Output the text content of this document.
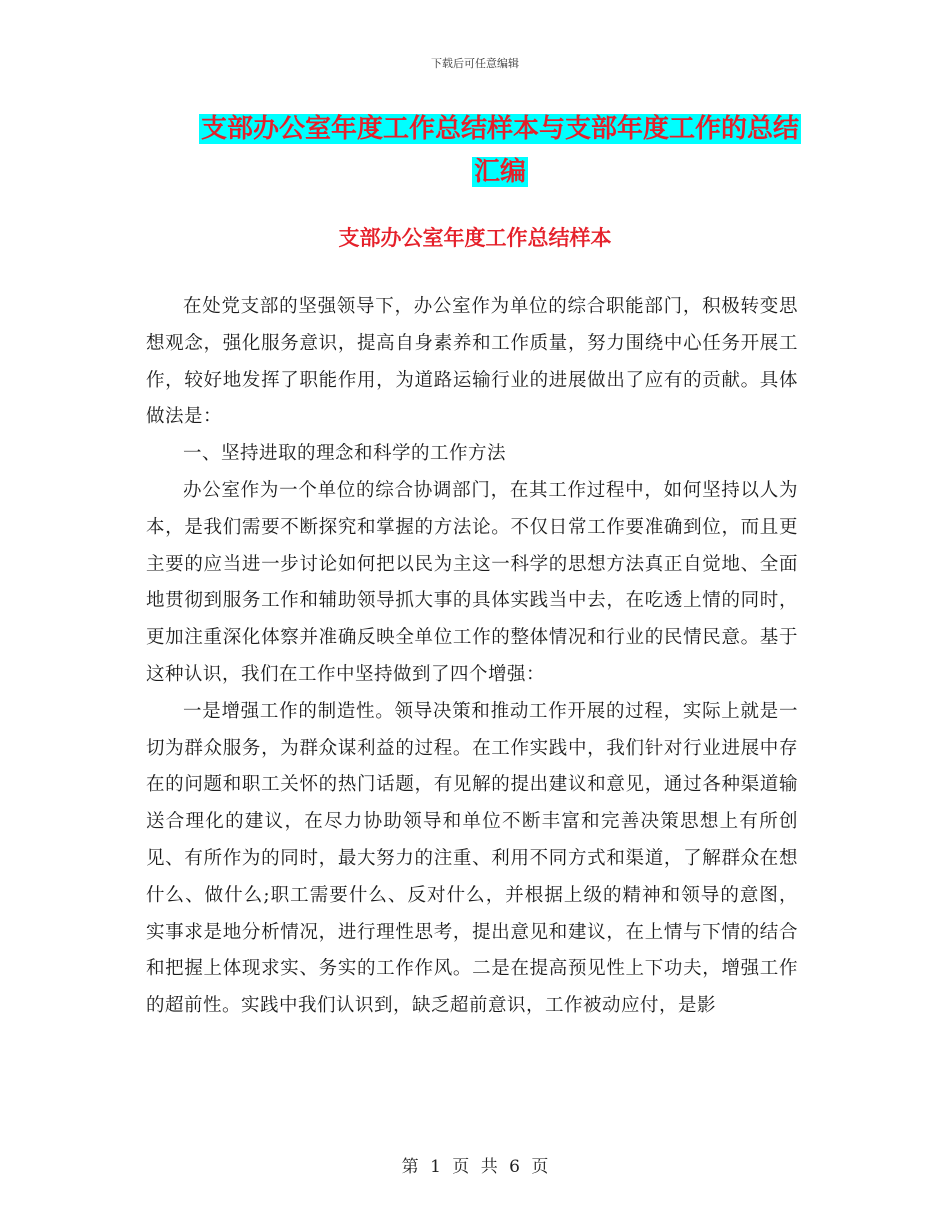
下载后可任意编辑
支部办公室年度工作总结样本与支部年度工作的总结
汇编
支部办公室年度工作总结样本

在处党支部的坚强领导下，办公室作为单位的综合职能部门，积极转变思想观念，强化服务意识，提高自身素养和工作质量，努力围绕中心任务开展工作，较好地发挥了职能作用，为道路运输行业的进展做出了应有的贡献。具体做法是：

一、坚持进取的理念和科学的工作方法

办公室作为一个单位的综合协调部门，在其工作过程中，如何坚持以人为本，是我们需要不断探究和掌握的方法论。不仅日常工作要准确到位，而且更主要的应当进一步讨论如何把以民为主这一科学的思想方法真正自觉地、全面地贯彻到服务工作和辅助领导抓大事的具体实践当中去，在吃透上情的同时，更加注重深化体察并准确反映全单位工作的整体情况和行业的民情民意。基于这种认识，我们在工作中坚持做到了四个增强：

一是增强工作的制造性。领导决策和推动工作开展的过程，实际上就是一切为群众服务，为群众谋利益的过程。在工作实践中，我们针对行业进展中存在的问题和职工关怀的热门话题，有见解的提出建议和意见，通过各种渠道输送合理化的建议，在尽力协助领导和单位不断丰富和完善决策思想上有所创见、有所作为的同时，最大努力的注重、利用不同方式和渠道，了解群众在想什么、做什么;职工需要什么、反对什么，并根据上级的精神和领导的意图，实事求是地分析情况，进行理性思考，提出意见和建议，在上情与下情的结合和把握上体现求实、务实的工作作风。二是在提高预见性上下功夫，增强工作的超前性。实践中我们认识到，缺乏超前意识，工作被动应付，是影

第 1 页 共 6 页
